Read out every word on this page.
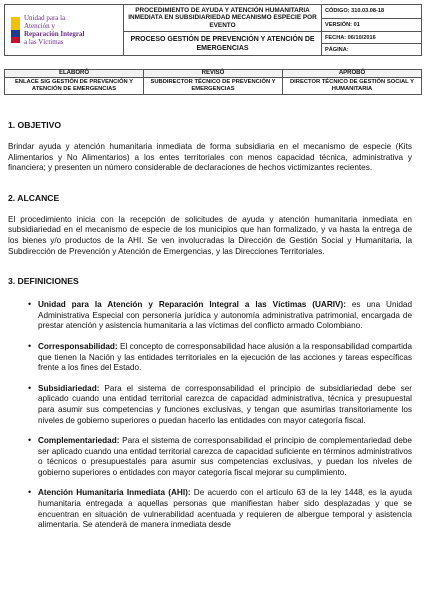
Unidad para la
Atención y
Reparación Integral
a las Víctimas	PROCEDIMIENTO DE AYUDA Y ATENCIÓN HUMANITARIA INMEDIATA EN SUBSIDIARIEDAD MECANISMO ESPECIE POR EVENTO	CÓDIGO: 310.03.08-18
		VERSIÓN: 01
	PROCESO GESTIÓN DE PREVENCIÓN Y ATENCIÓN DE EMERGENCIAS	FECHA: 06/10/2016
		PÁGINA:
ELABORÓ	REVISÓ	APROBÓ
ENLACE SIG GESTIÓN DE PREVENCIÓN Y ATENCIÓN DE EMERGENCIAS	SUBDIRECTOR TÉCNICO DE PREVENCIÓN Y EMERGENCIAS	DIRECTOR TÉCNICO DE GESTIÓN SOCIAL Y HUMANITARIA

1. OBJETIVO

Brindar ayuda y atención humanitaria inmediata de forma subsidiaria en el mecanismo de especie (Kits Alimentarios y No Alimentarios) a los entes territoriales con menos capacidad técnica, administrativa y financiera; y presenten un número considerable de declaraciones de hechos victimizantes recientes.

2. ALCANCE

El procedimiento inicia con la recepción de solicitudes de ayuda y atención humanitaria inmediata en subsidiariedad en el mecanismo de especie de los municipios que han formalizado, y va hasta la entrega de los bienes y/o productos de la AHI. Se ven involucradas la Dirección de Gestión Social y Humanitaria, la Subdirección de Prevención y Atención de Emergencias, y las Direcciones Territoriales.

3. DEFINICIONES

• Unidad para la Atención y Reparación Integral a las Víctimas (UARIV): es una Unidad Administrativa Especial con personería jurídica y autonomía administrativa patrimonial, encargada de prestar atención y asistencia humanitaria a las víctimas del conflicto armado Colombiano.
• Corresponsabilidad: El concepto de corresponsabilidad hace alusión a la responsabilidad compartida que tienen la Nación y las entidades territoriales en la ejecución de las acciones y tareas específicas frente a los fines del Estado.
• Subsidiariedad: Para el sistema de corresponsabilidad el principio de subsidiariedad debe ser aplicado cuando una entidad territorial carezca de capacidad administrativa, técnica y presupuestal para asumir sus competencias y funciones exclusivas, y tengan que asumirlas transitoriamente los niveles de gobierno superiores o puedan hacerlo las entidades con mayor categoría fiscal.
• Complementariedad: Para el sistema de corresponsabilidad el principio de complementariedad debe ser aplicado cuando una entidad territorial carezca de capacidad suficiente en términos administrativos o técnicos o presupuestales para asumir sus competencias exclusivas, y puedan los niveles de gobierno superiores o entidades con mayor categoría fiscal mejorar su cumplimiento.
• Atención Humanitaria Inmediata (AHI): De acuerdo con el artículo 63 de la ley 1448, es la ayuda humanitaria entregada a aquellas personas que manifiestan haber sido desplazadas y que se encuentran en situación de vulnerabilidad acentuada y requieren de albergue temporal y asistencia alimentaria. Se atenderá de manera inmediata desde
